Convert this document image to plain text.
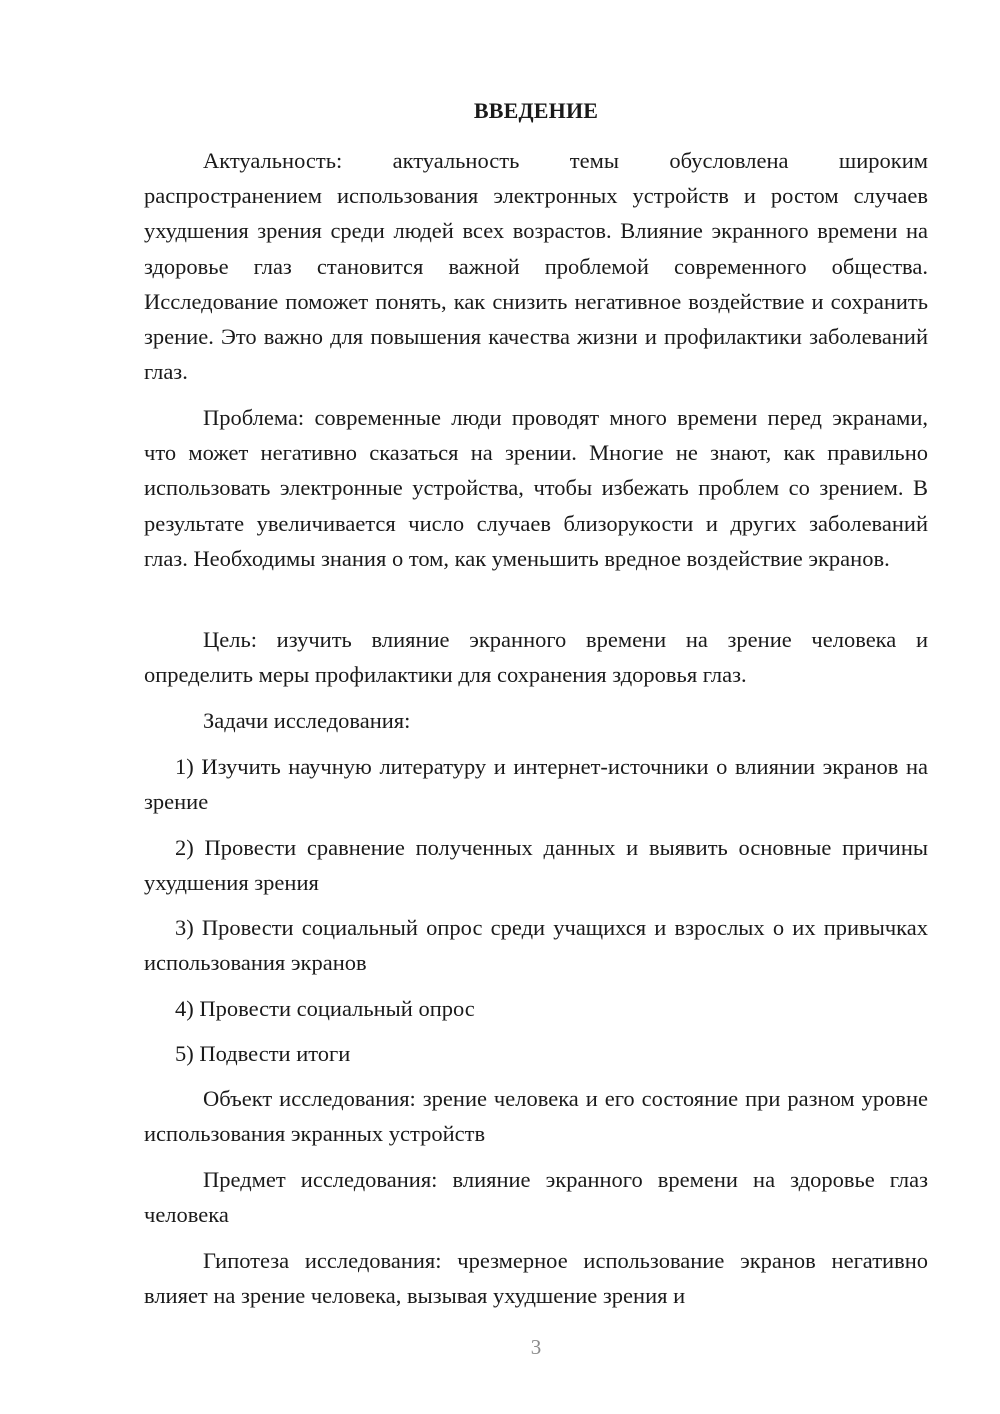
ВВЕДЕНИЕ

Актуальность: актуальность темы обусловлена широким распространением использования электронных устройств и ростом случаев ухудшения зрения среди людей всех возрастов. Влияние экранного времени на здоровье глаз становится важной проблемой современного общества. Исследование поможет понять, как снизить негативное воздействие и сохранить зрение. Это важно для повышения качества жизни и профилактики заболеваний глаз.

Проблема: современные люди проводят много времени перед экранами, что может негативно сказаться на зрении. Многие не знают, как правильно использовать электронные устройства, чтобы избежать проблем со зрением. В результате увеличивается число случаев близорукости и других заболеваний глаз. Необходимы знания о том, как уменьшить вредное воздействие экранов.

Цель: изучить влияние экранного времени на зрение человека и определить меры профилактики для сохранения здоровья глаз.

Задачи исследования:

1) Изучить научную литературу и интернет-источники о влиянии экранов на зрение

2) Провести сравнение полученных данных и выявить основные причины ухудшения зрения

3) Провести социальный опрос среди учащихся и взрослых о их привычках использования экранов

4) Провести социальный опрос

5) Подвести итоги

Объект исследования: зрение человека и его состояние при разном уровне использования экранных устройств

Предмет исследования: влияние экранного времени на здоровье глаз человека

Гипотеза исследования: чрезмерное использование экранов негативно влияет на зрение человека, вызывая ухудшение зрения и

3
